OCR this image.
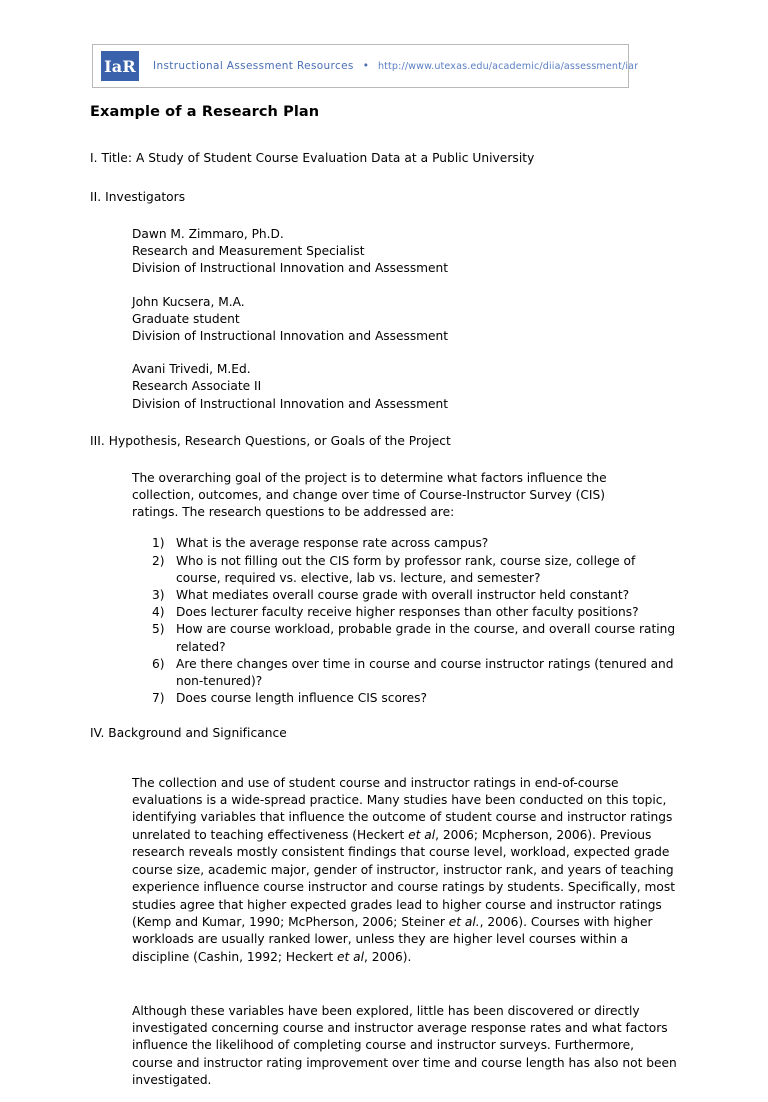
IaR Instructional Assessment Resources • http://www.utexas.edu/academic/diia/assessment/iar
Example of a Research Plan
I. Title: A Study of Student Course Evaluation Data at a Public University
II. Investigators
Dawn M. Zimmaro, Ph.D.
Research and Measurement Specialist
Division of Instructional Innovation and Assessment
John Kucsera, M.A.
Graduate student
Division of Instructional Innovation and Assessment
Avani Trivedi, M.Ed.
Research Associate II
Division of Instructional Innovation and Assessment
III. Hypothesis, Research Questions, or Goals of the Project
The overarching goal of the project is to determine what factors influence the
collection, outcomes, and change over time of Course-Instructor Survey (CIS)
ratings. The research questions to be addressed are:
1) What is the average response rate across campus?
2) Who is not filling out the CIS form by professor rank, course size, college of course, required vs. elective, lab vs. lecture, and semester?
3) What mediates overall course grade with overall instructor held constant?
4) Does lecturer faculty receive higher responses than other faculty positions?
5) How are course workload, probable grade in the course, and overall course rating related?
6) Are there changes over time in course and course instructor ratings (tenured and non-tenured)?
7) Does course length influence CIS scores?
IV. Background and Significance

The collection and use of student course and instructor ratings in end-of-course evaluations is a wide-spread practice. Many studies have been conducted on this topic, identifying variables that influence the outcome of student course and instructor ratings unrelated to teaching effectiveness (Heckert et al, 2006; Mcpherson, 2006). Previous research reveals mostly consistent findings that course level, workload, expected grade course size, academic major, gender of instructor, instructor rank, and years of teaching experience influence course instructor and course ratings by students. Specifically, most studies agree that higher expected grades lead to higher course and instructor ratings (Kemp and Kumar, 1990; McPherson, 2006; Steiner et al., 2006). Courses with higher workloads are usually ranked lower, unless they are higher level courses within a discipline (Cashin, 1992; Heckert et al, 2006).

Although these variables have been explored, little has been discovered or directly investigated concerning course and instructor average response rates and what factors influence the likelihood of completing course and instructor surveys. Furthermore, course and instructor rating improvement over time and course length has also not been investigated.
